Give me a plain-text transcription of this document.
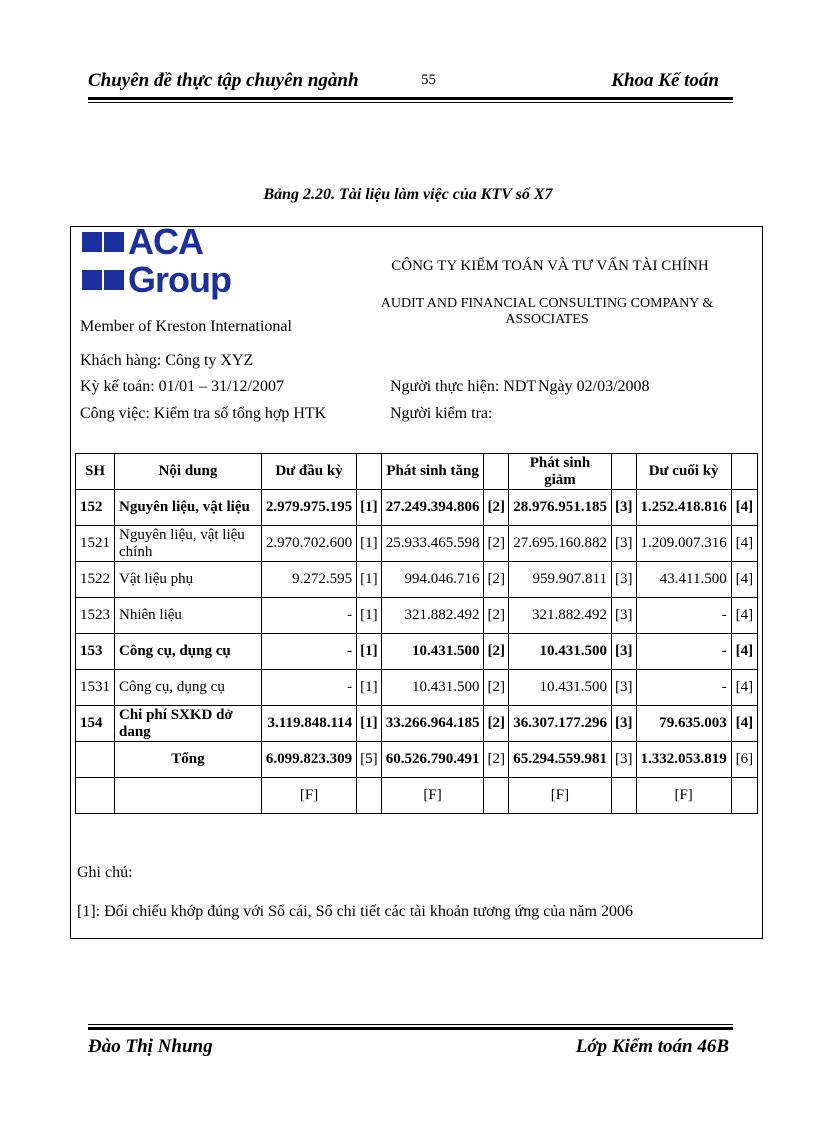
Chuyên đề thực tập chuyên ngành	55	Khoa Kế toán
Bảng 2.20. Tài liệu làm việc của KTV số X7
ACA
Group
Member of Kreston International
CÔNG TY KIỂM TOÁN VÀ TƯ VẤN TÀI CHÍNH
AUDIT AND FINANCIAL CONSULTING COMPANY & ASSOCIATES
Khách hàng: Công ty XYZ
Kỳ kế toán: 01/01 – 31/12/2007
Công việc: Kiểm tra số tổng hợp HTK
Người thực hiện: NDT Ngày 02/03/2008
Người kiểm tra:
SH	Nội dung	Dư đầu kỳ		Phát sinh tăng		Phát sinh giảm		Dư cuối kỳ	
152	Nguyên liệu, vật liệu	2.979.975.195	[1]	27.249.394.806	[2]	28.976.951.185	[3]	1.252.418.816	[4]
1521	Nguyên liệu, vật liệu chính	2.970.702.600	[1]	25.933.465.598	[2]	27.695.160.882	[3]	1.209.007.316	[4]
1522	Vật liệu phụ	9.272.595	[1]	994.046.716	[2]	959.907.811	[3]	43.411.500	[4]
1523	Nhiên liệu	-	[1]	321.882.492	[2]	321.882.492	[3]	-	[4]
153	Công cụ, dụng cụ	-	[1]	10.431.500	[2]	10.431.500	[3]	-	[4]
1531	Công cụ, dụng cụ	-	[1]	10.431.500	[2]	10.431.500	[3]	-	[4]
154	Chi phí SXKD dở dang	3.119.848.114	[1]	33.266.964.185	[2]	36.307.177.296	[3]	79.635.003	[4]
	Tổng	6.099.823.309	[5]	60.526.790.491	[2]	65.294.559.981	[3]	1.332.053.819	[6]
		[F]		[F]		[F]		[F]	
Ghi chú:
[1]: Đối chiếu khớp đúng với Sổ cái, Sổ chi tiết các tài khoản tương ứng của năm 2006
Đào Thị Nhung	Lớp Kiểm toán 46B
